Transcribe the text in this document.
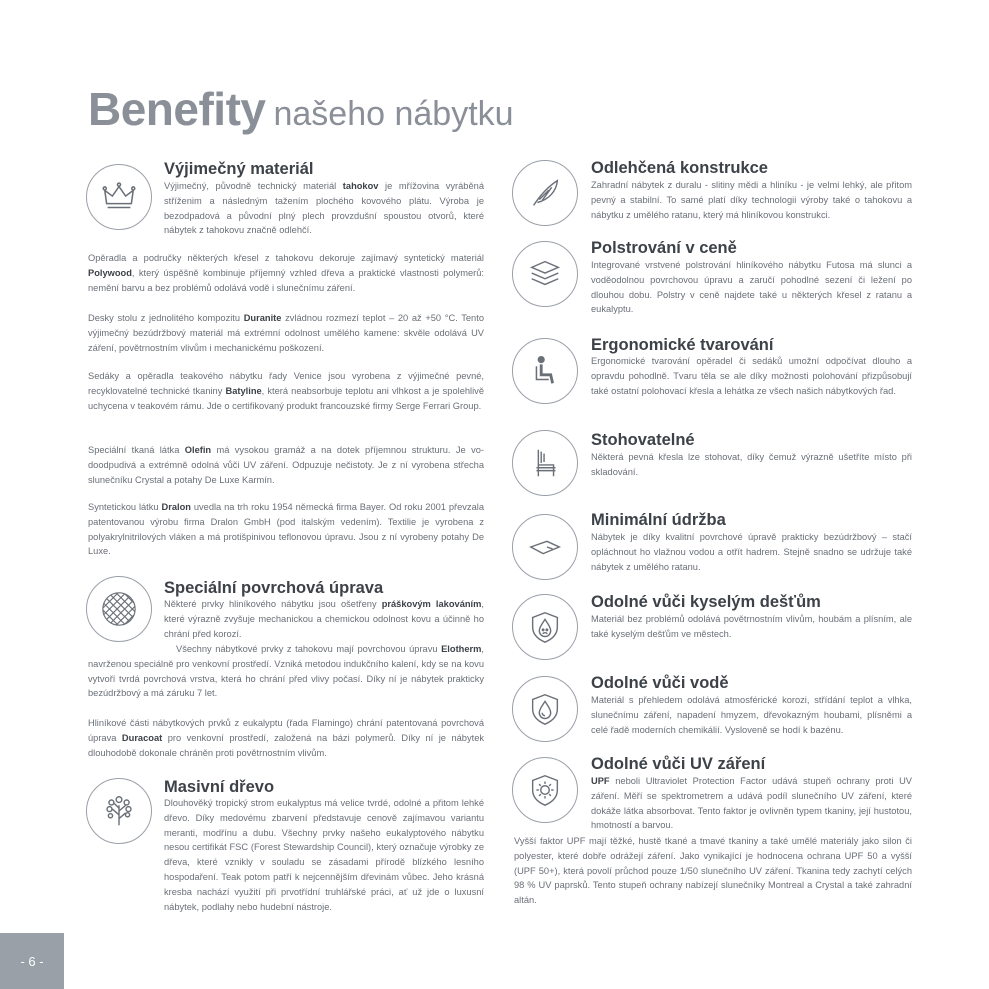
Benefity našeho nábytku
Výjimečný materiál
Výjimečný, původně technický materiál tahokov je mřížovina vyráběná stříženim a následným tažením plochého kovového plátu. Výroba je bezodpadová a původní plný plech provzdušní spoustou otvorů, které nábytek z tahokovu značně odlehčí.
Opěradla a područky některých křesel z tahokovu dekoruje zajímavý syntetický materiál Polywood, který úspěšně kombinuje příjemný vzhled dřeva a praktické vlastnosti polymerů: nemění barvu a bez problémů odolává vodě i slunečnímu záření.
Desky stolu z jednolitého kompozitu Duranite zvládnou rozmezí teplot – 20 až +50 °C. Tento výjimečný bezúdržbový materiál má extrémní odolnost umělého kamene: skvěle odolává UV záření, povětrnostním vlivům i mechanickému poškození.
Sedáky a opěradla teakového nábytku řady Venice jsou vyrobena z výjimečné pevné, recyklovatelné technické tkaniny Batyline, která neabsorbuje teplotu ani vlhkost a je spolehlivě uchycena v teakovém rámu. Jde o certifikovaný produkt francouzské firmy Serge Ferrari Group.
Speciální tkaná látka Olefin má vysokou gramáž a na dotek příjemnou strukturu. Je vodoodpudivá a extrémně odolná vůči UV záření. Odpuzuje nečistoty. Je z ní vyrobena střecha slunečníku Crystal a potahy De Luxe Karmín.
Syntetickou látku Dralon uvedla na trh roku 1954 německá firma Bayer. Od roku 2001 převzala patentovanou výrobu firma Dralon GmbH (pod italským vedením). Textilie je vyrobena z polyakrylnitrilových vláken a má protišpinivou teflonovou úpravu. Jsou z ní vyrobeny potahy De Luxe.
Speciální povrchová úprava
Některé prvky hliníkového nábytku jsou ošetřeny práškovým lakováním, které výrazně zvyšuje mechanickou a chemickou odolnost kovu a účinně ho chrání před korozí.
Všechny nábytkové prvky z tahokovu mají povrchovou úpravu Elotherm, navrženou speciálně pro venkovní prostředí. Vzniká metodou indukčního kalení, kdy se na kovu vytvoří tvrdá povrchová vrstva, která ho chrání před vlivy počasí. Díky ní je nábytek prakticky bezúdržbový a má záruku 7 let.
Hliníkové části nábytkových prvků z eukalyptu (řada Flamingo) chrání patentovaná povrchová úprava Duracoat pro venkovní prostředí, založená na bázi polymerů. Díky ní je nábytek dlouhodobě dokonale chráněn proti povětrnostním vlivům.
Masivní dřevo
Dlouhověký tropický strom eukalyptus má velice tvrdé, odolné a přitom lehké dřevo. Díky medovému zbarvení představuje cenově zajímavou variantu meranti, modřínu a dubu. Všechny prvky našeho eukalyptového nábytku nesou certifikát FSC (Forest Stewardship Council), který označuje výrobky ze dřeva, které vznikly v souladu se zásadami přírodě blízkého lesního hospodaření. Teak potom patří k nejcennějším dřevinám vůbec. Jeho krásná kresba nachází využití při prvotřídní truhlářské práci, ať už jde o luxusní nábytek, podlahy nebo hudební nástroje.
Odlehčená konstrukce
Zahradní nábytek z duralu - slitiny mědi a hliníku - je velmi lehký, ale přitom pevný a stabilní. To samé platí díky technologii výroby také o tahokovu a nábytku z umělého ratanu, který má hliníkovou konstrukci.
Polstrování v ceně
Integrované vrstvené polstrování hliníkového nábytku Futosa má slunci a voděodolnou povrchovou úpravu a zaručí pohodlné sezení či ležení po dlouhou dobu. Polstry v ceně najdete také u některých křesel z ratanu a eukalyptu.
Ergonomické tvarování
Ergonomické tvarování opěradel či sedáků umožní odpočívat dlouho a opravdu pohodlně. Tvaru těla se ale díky možnosti polohování přizpůsobují také ostatní polohovací křesla a lehátka ze všech našich nábytkových řad.
Stohovatelné
Některá pevná křesla lze stohovat, díky čemuž výrazně ušetříte místo při skladování.
Minimální údržba
Nábytek je díky kvalitní povrchové úpravě prakticky bezúdržbový – stačí opláchnout ho vlažnou vodou a otřít hadrem. Stejně snadno se udržuje také nábytek z umělého ratanu.
Odolné vůči kyselým dešťům
Materiál bez problémů odolává povětrnostním vlivům, houbám a plísním, ale také kyselým dešťům ve městech.
Odolné vůči vodě
Materiál s přehledem odolává atmosférické korozi, střídání teplot a vlhka, slunečnímu záření, napadení hmyzem, dřevokazným houbami, plísněmi a celé řadě moderních chemikálií. Vysloveně se hodí k bazénu.
Odolné vůči UV záření
UPF neboli Ultraviolet Protection Factor udává stupeň ochrany proti UV záření. Měří se spektrometrem a udává podíl slunečního UV záření, které dokáže látka absorbovat. Tento faktor je ovlivněn typem tkaniny, její hustotou, hmotností a barvou.
Vyšší faktor UPF mají těžké, hustě tkané a tmavé tkaniny a také umělé materiály jako silon či polyester, které dobře odrážejí záření. Jako vynikající je hodnocena ochrana UPF 50 a vyšší (UPF 50+), která povolí průchod pouze 1/50 slunečního UV záření. Tkanina tedy zachytí celých 98 % UV paprsků. Tento stupeň ochrany nabízejí slunečníky Montreal a Crystal a také zahradní altán.
- 6 -
